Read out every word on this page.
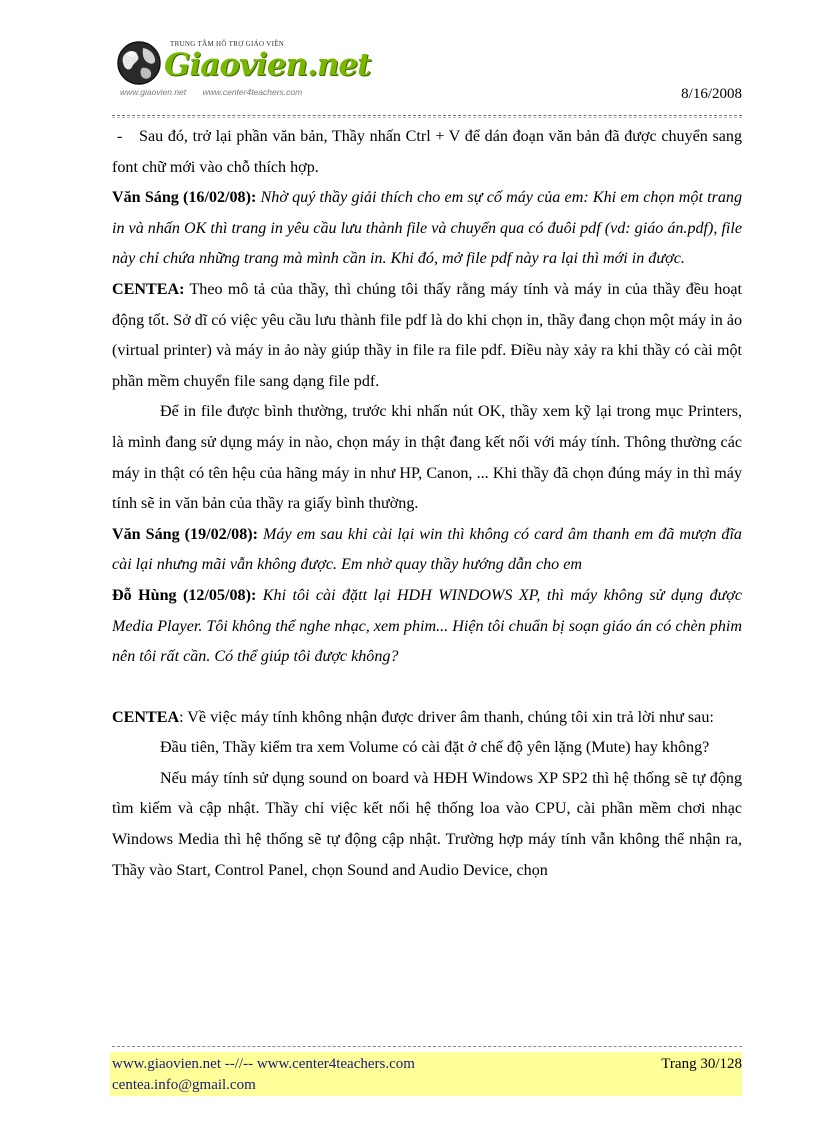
TRUNG TÂM HỖ TRỢ GIÁO VIÊN
Giaovien.net
www.giaovien.net www.center4teachers.com	8/16/2008

- Sau đó, trở lại phần văn bản, Thầy nhấn Ctrl + V để dán đoạn văn bản đã được chuyển sang font chữ mới vào chỗ thích hợp.

Văn Sáng (16/02/08): Nhờ quý thầy giải thích cho em sự cố máy của em: Khi em chọn một trang in và nhấn OK thì trang in yêu cầu lưu thành file và chuyển qua có đuôi pdf (vd: giáo án.pdf), file này chỉ chứa những trang mà mình cần in. Khi đó, mở file pdf này ra lại thì mới in được.

CENTEA: Theo mô tả của thầy, thì chúng tôi thấy rằng máy tính và máy in của thầy đều hoạt động tốt. Sở dĩ có việc yêu cầu lưu thành file pdf là do khi chọn in, thầy đang chọn một máy in ảo (virtual printer) và máy in ảo này giúp thầy in file ra file pdf. Điều này xảy ra khi thầy có cài một phần mềm chuyển file sang dạng file pdf.

Để in file được bình thường, trước khi nhấn nút OK, thầy xem kỹ lại trong mục Printers, là mình đang sử dụng máy in nào, chọn máy in thật đang kết nối với máy tính. Thông thường các máy in thật có tên hệu của hãng máy in như HP, Canon, ... Khi thầy đã chọn đúng máy in thì máy tính sẽ in văn bản của thầy ra giấy bình thường.

Văn Sáng (19/02/08): Máy em sau khi cài lại win thì không có card âm thanh em đã mượn đĩa cài lại nhưng mãi vẫn không được. Em nhờ quay thầy hướng dẫn cho em

Đỗ Hùng (12/05/08): Khi tôi cài đặtt lại HDH WINDOWS XP, thì máy không sử dụng được Media Player. Tôi không thể nghe nhạc, xem phim... Hiện tôi chuẩn bị soạn giáo án có chèn phim nên tôi rất cần. Có thể giúp tôi được không?

CENTEA: Về việc máy tính không nhận được driver âm thanh, chúng tôi xin trả lời như sau:

Đầu tiên, Thầy kiểm tra xem Volume có cài đặt ở chế độ yên lặng (Mute) hay không?

Nếu máy tính sử dụng sound on board và HĐH Windows XP SP2 thì hệ thống sẽ tự động tìm kiếm và cập nhật. Thầy chỉ việc kết nối hệ thống loa vào CPU, cài phần mềm chơi nhạc Windows Media thì hệ thống sẽ tự động cập nhật. Trường hợp máy tính vẫn không thể nhận ra, Thầy vào Start, Control Panel, chọn Sound and Audio Device, chọn

www.giaovien.net --//-- www.center4teachers.com
centea.info@gmail.com
Trang 30/128
